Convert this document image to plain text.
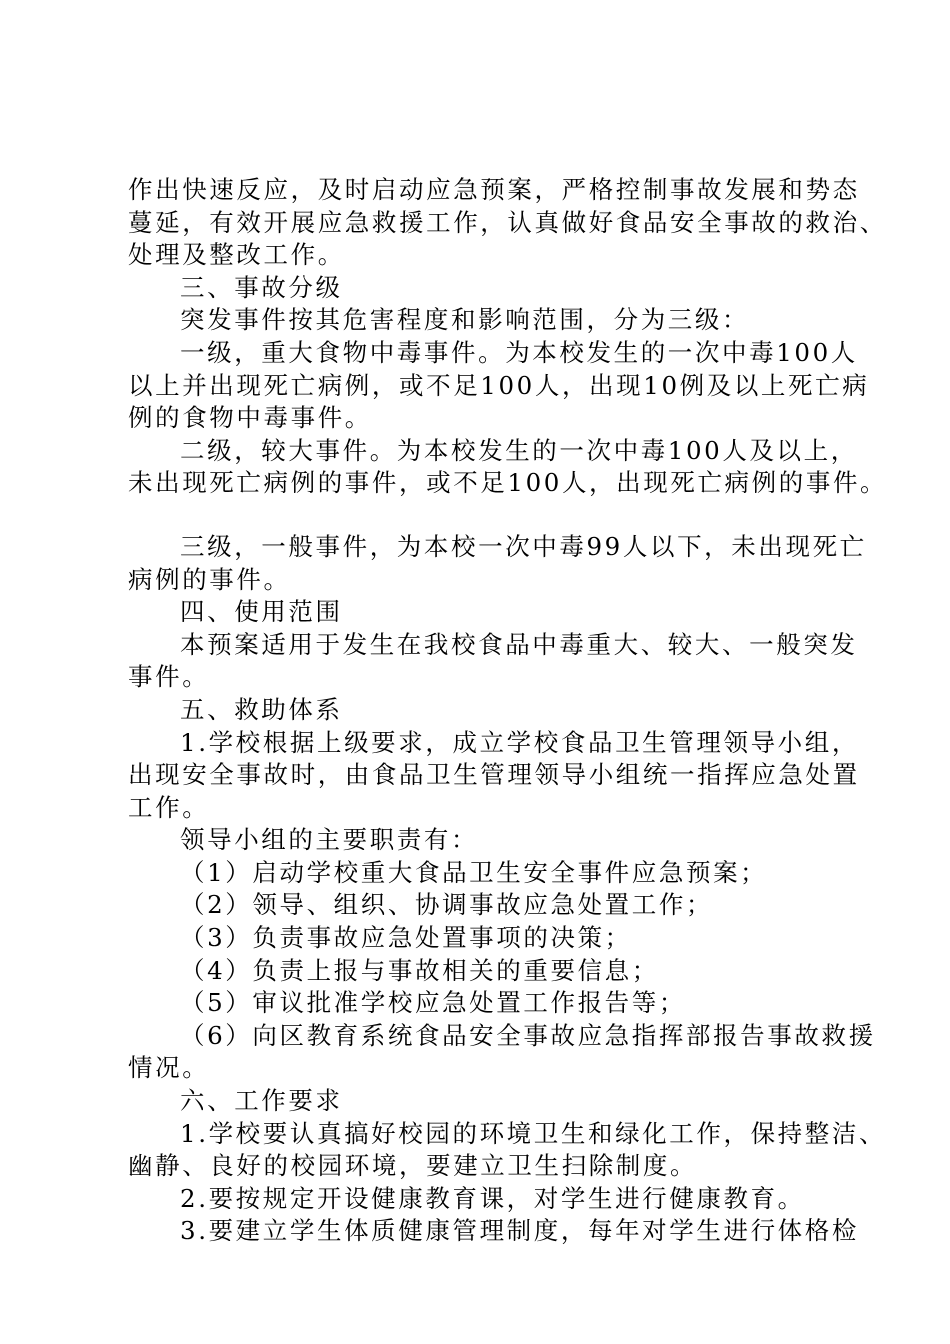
作出快速反应，及时启动应急预案，严格控制事故发展和势态

蔓延，有效开展应急救援工作，认真做好食品安全事故的救治、

处理及整改工作。

三、事故分级

突发事件按其危害程度和影响范围，分为三级：

一级，重大食物中毒事件。为本校发生的一次中毒100人

以上并出现死亡病例，或不足100人，出现10例及以上死亡病

例的食物中毒事件。

二级，较大事件。为本校发生的一次中毒100人及以上，

未出现死亡病例的事件，或不足100人，出现死亡病例的事件。

三级，一般事件，为本校一次中毒99人以下，未出现死亡

病例的事件。

四、使用范围

本预案适用于发生在我校食品中毒重大、较大、一般突发

事件。

五、救助体系

1.学校根据上级要求，成立学校食品卫生管理领导小组，

出现安全事故时，由食品卫生管理领导小组统一指挥应急处置

工作。

领导小组的主要职责有：

（1）启动学校重大食品卫生安全事件应急预案；

（2）领导、组织、协调事故应急处置工作；

（3）负责事故应急处置事项的决策；

（4）负责上报与事故相关的重要信息；

（5）审议批准学校应急处置工作报告等；

（6）向区教育系统食品安全事故应急指挥部报告事故救援

情况。

六、工作要求

1.学校要认真搞好校园的环境卫生和绿化工作，保持整洁、

幽静、良好的校园环境，要建立卫生扫除制度。

2.要按规定开设健康教育课，对学生进行健康教育。

3.要建立学生体质健康管理制度，每年对学生进行体格检
